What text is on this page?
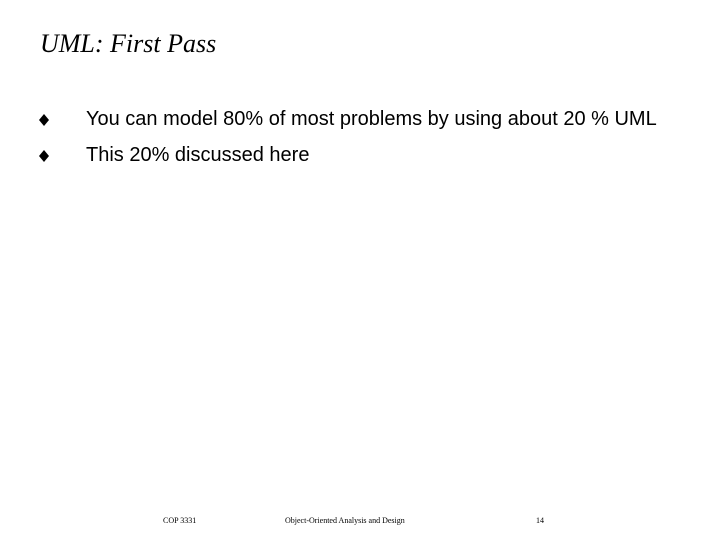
UML: First Pass
You can model 80% of most problems by using about 20 % UML
This 20% discussed here
COP 3331	Object-Oriented Analysis and Design	14
